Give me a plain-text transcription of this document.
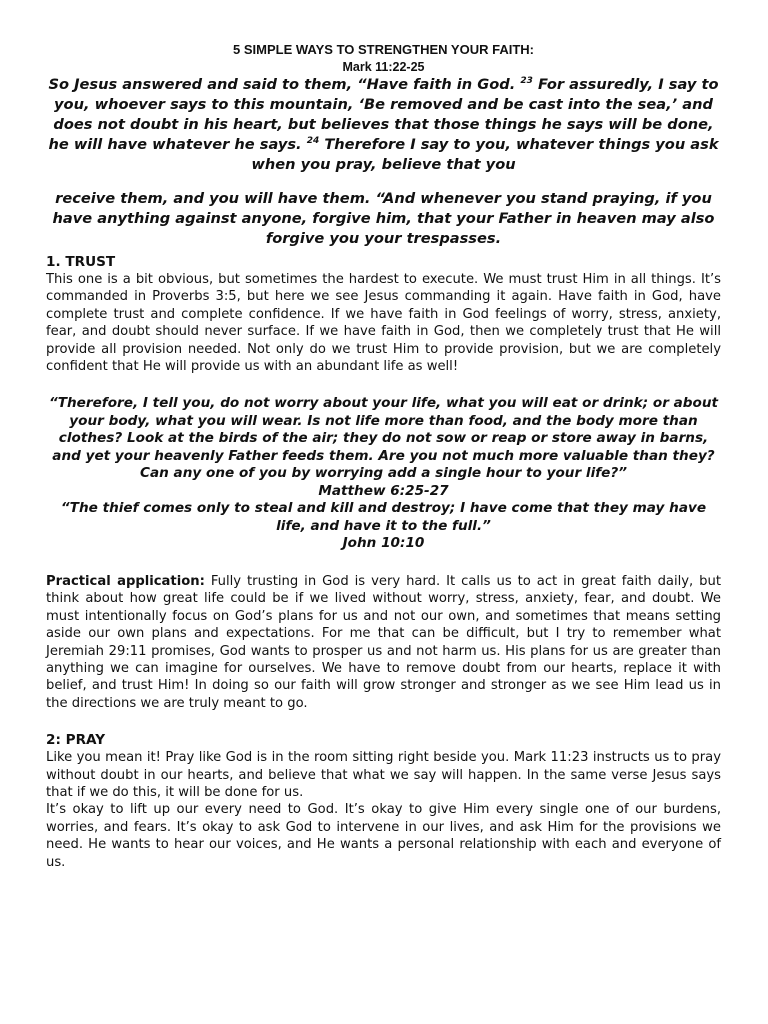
5 SIMPLE WAYS TO STRENGTHEN YOUR FAITH:

Mark 11:22-25

So Jesus answered and said to them, “Have faith in God. $^{23}$ For assuredly, I say to you, whoever says to this mountain, ‘Be removed and be cast into the sea,’ and does not doubt in his heart, but believes that those things he says will be done, he will have whatever he says. $^{24}$ Therefore I say to you, whatever things you ask when you pray, believe that you

receive them, and you will have them. “And whenever you stand praying, if you have anything against anyone, forgive him, that your Father in heaven may also forgive you your trespasses.

1. TRUST

This one is a bit obvious, but sometimes the hardest to execute. We must trust Him in all things. It’s commanded in Proverbs 3:5, but here we see Jesus commanding it again. Have faith in God, have complete trust and complete confidence. If we have faith in God feelings of worry, stress, anxiety, fear, and doubt should never surface. If we have faith in God, then we completely trust that He will provide all provision needed. Not only do we trust Him to provide provision, but we are completely confident that He will provide us with an abundant life as well!

“Therefore, I tell you, do not worry about your life, what you will eat or drink; or about your body, what you will wear. Is not life more than food, and the body more than clothes? Look at the birds of the air; they do not sow or reap or store away in barns, and yet your heavenly Father feeds them. Are you not much more valuable than they? Can any one of you by worrying add a single hour to your life?”

Matthew 6:25-27

“The thief comes only to steal and kill and destroy; I have come that they may have life, and have it to the full.”

John 10:10

Practical application: Fully trusting in God is very hard. It calls us to act in great faith daily, but think about how great life could be if we lived without worry, stress, anxiety, fear, and doubt. We must intentionally focus on God’s plans for us and not our own, and sometimes that means setting aside our own plans and expectations. For me that can be difficult, but I try to remember what Jeremiah 29:11 promises, God wants to prosper us and not harm us. His plans for us are greater than anything we can imagine for ourselves. We have to remove doubt from our hearts, replace it with belief, and trust Him! In doing so our faith will grow stronger and stronger as we see Him lead us in the directions we are truly meant to go.

2: PRAY

Like you mean it! Pray like God is in the room sitting right beside you. Mark 11:23 instructs us to pray without doubt in our hearts, and believe that what we say will happen. In the same verse Jesus says that if we do this, it will be done for us.

It’s okay to lift up our every need to God. It’s okay to give Him every single one of our burdens, worries, and fears. It’s okay to ask God to intervene in our lives, and ask Him for the provisions we need. He wants to hear our voices, and He wants a personal relationship with each and everyone of us.
